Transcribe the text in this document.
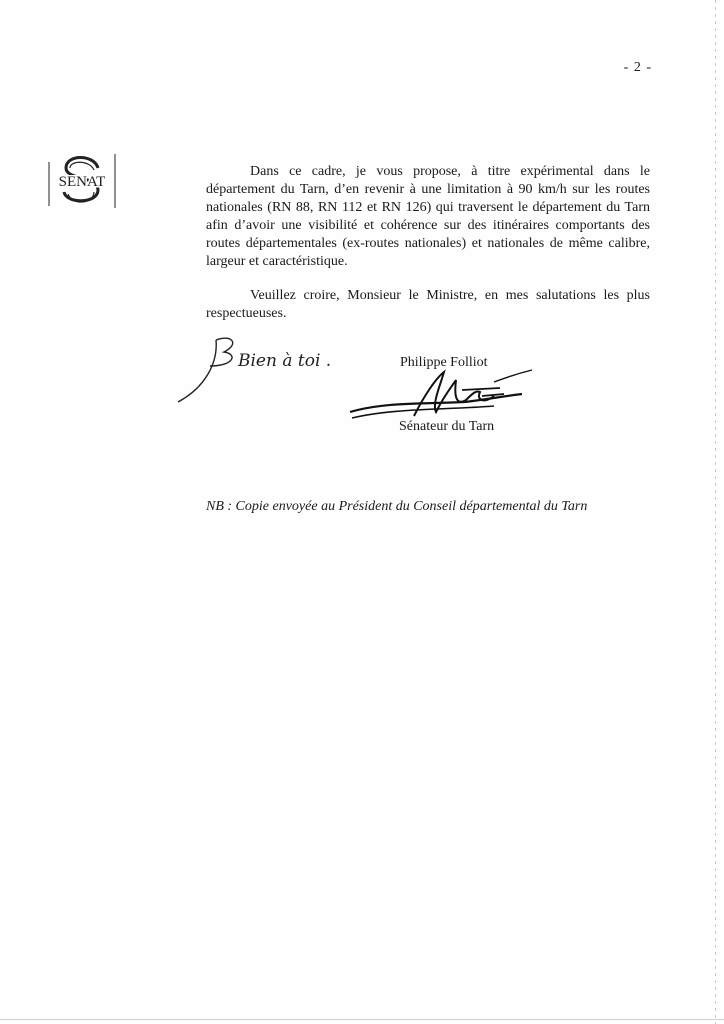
- 2 -
SENAT

Dans ce cadre, je vous propose, à titre expérimental dans le département du Tarn, d’en revenir à une limitation à 90 km/h sur les routes nationales (RN 88, RN 112 et RN 126) qui traversent le département du Tarn afin d’avoir une visibilité et cohérence sur des itinéraires comportants des routes départementales (ex-routes nationales) et nationales de même calibre, largeur et caractéristique.

Veuillez croire, Monsieur le Ministre, en mes salutations les plus respectueuses.

Bien à toi .	Philippe Folliot
Sénateur du Tarn
NB : Copie envoyée au Président du Conseil départemental du Tarn
